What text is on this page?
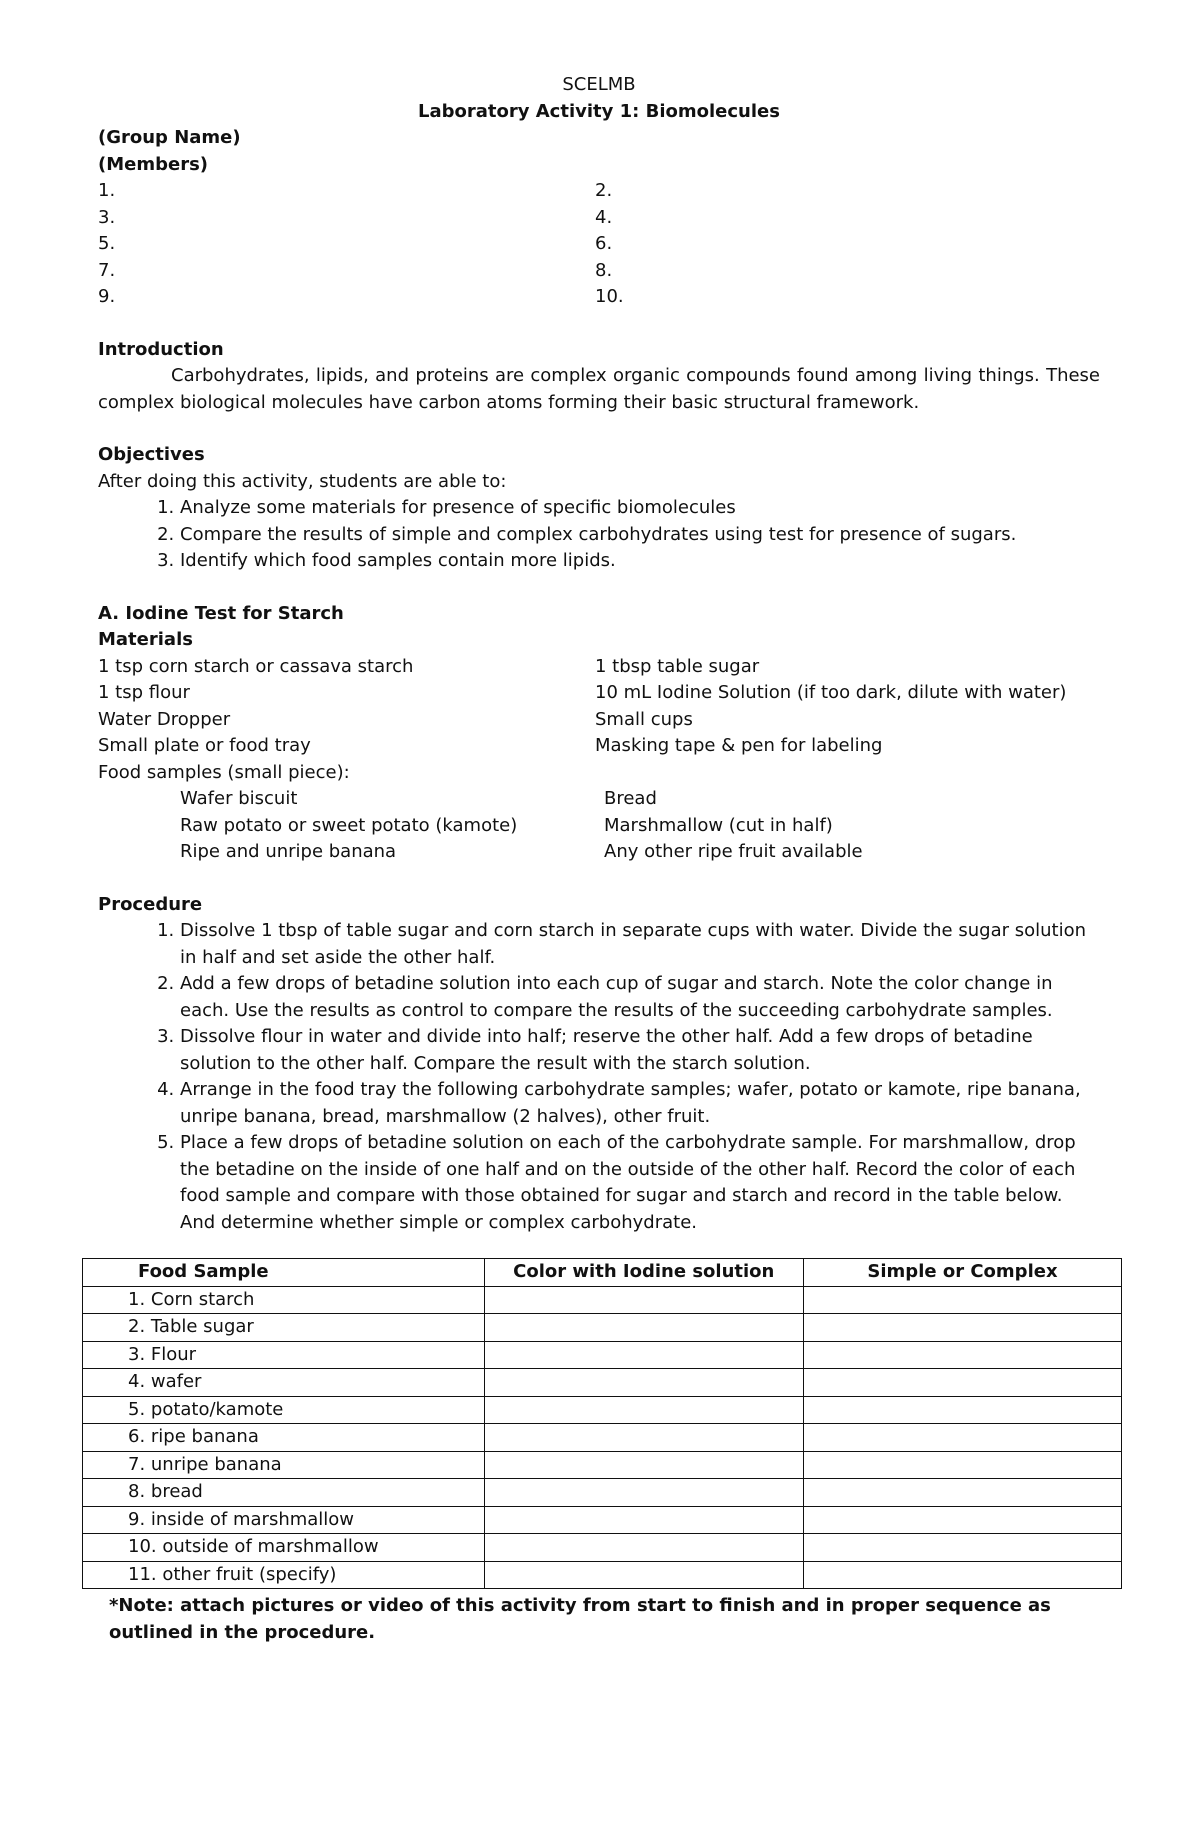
SCELMB
Laboratory Activity 1: Biomolecules
(Group Name)
(Members)
1.	2.
3.	4.
5.	6.
7.	8.
9.	10.
Introduction

Carbohydrates, lipids, and proteins are complex organic compounds found among living things. These complex biological molecules have carbon atoms forming their basic structural framework.

Objectives
After doing this activity, students are able to:
1. Analyze some materials for presence of specific biomolecules
2. Compare the results of simple and complex carbohydrates using test for presence of sugars.
3. Identify which food samples contain more lipids.
A. Iodine Test for Starch
Materials
1 tsp corn starch or cassava starch	1 tbsp table sugar
1 tsp flour	10 mL Iodine Solution (if too dark, dilute with water)
Water Dropper	Small cups
Small plate or food tray	Masking tape & pen for labeling
Food samples (small piece):
Wafer biscuit	Bread
Raw potato or sweet potato (kamote)	Marshmallow (cut in half)
Ripe and unripe banana	Any other ripe fruit available
Procedure
1. Dissolve 1 tbsp of table sugar and corn starch in separate cups with water. Divide the sugar solution in half and set aside the other half.
2. Add a few drops of betadine solution into each cup of sugar and starch. Note the color change in each. Use the results as control to compare the results of the succeeding carbohydrate samples.
3. Dissolve flour in water and divide into half; reserve the other half. Add a few drops of betadine solution to the other half. Compare the result with the starch solution.
4. Arrange in the food tray the following carbohydrate samples; wafer, potato or kamote, ripe banana, unripe banana, bread, marshmallow (2 halves), other fruit.
5. Place a few drops of betadine solution on each of the carbohydrate sample. For marshmallow, drop the betadine on the inside of one half and on the outside of the other half. Record the color of each food sample and compare with those obtained for sugar and starch and record in the table below. And determine whether simple or complex carbohydrate.
Food Sample	Color with Iodine solution	Simple or Complex
1. Corn starch		
2. Table sugar		
3. Flour		
4. wafer		
5. potato/kamote		
6. ripe banana		
7. unripe banana		
8. bread		
9. inside of marshmallow		
10. outside of marshmallow		
11. other fruit (specify)		
*Note: attach pictures or video of this activity from start to finish and in proper sequence as outlined in the procedure.
